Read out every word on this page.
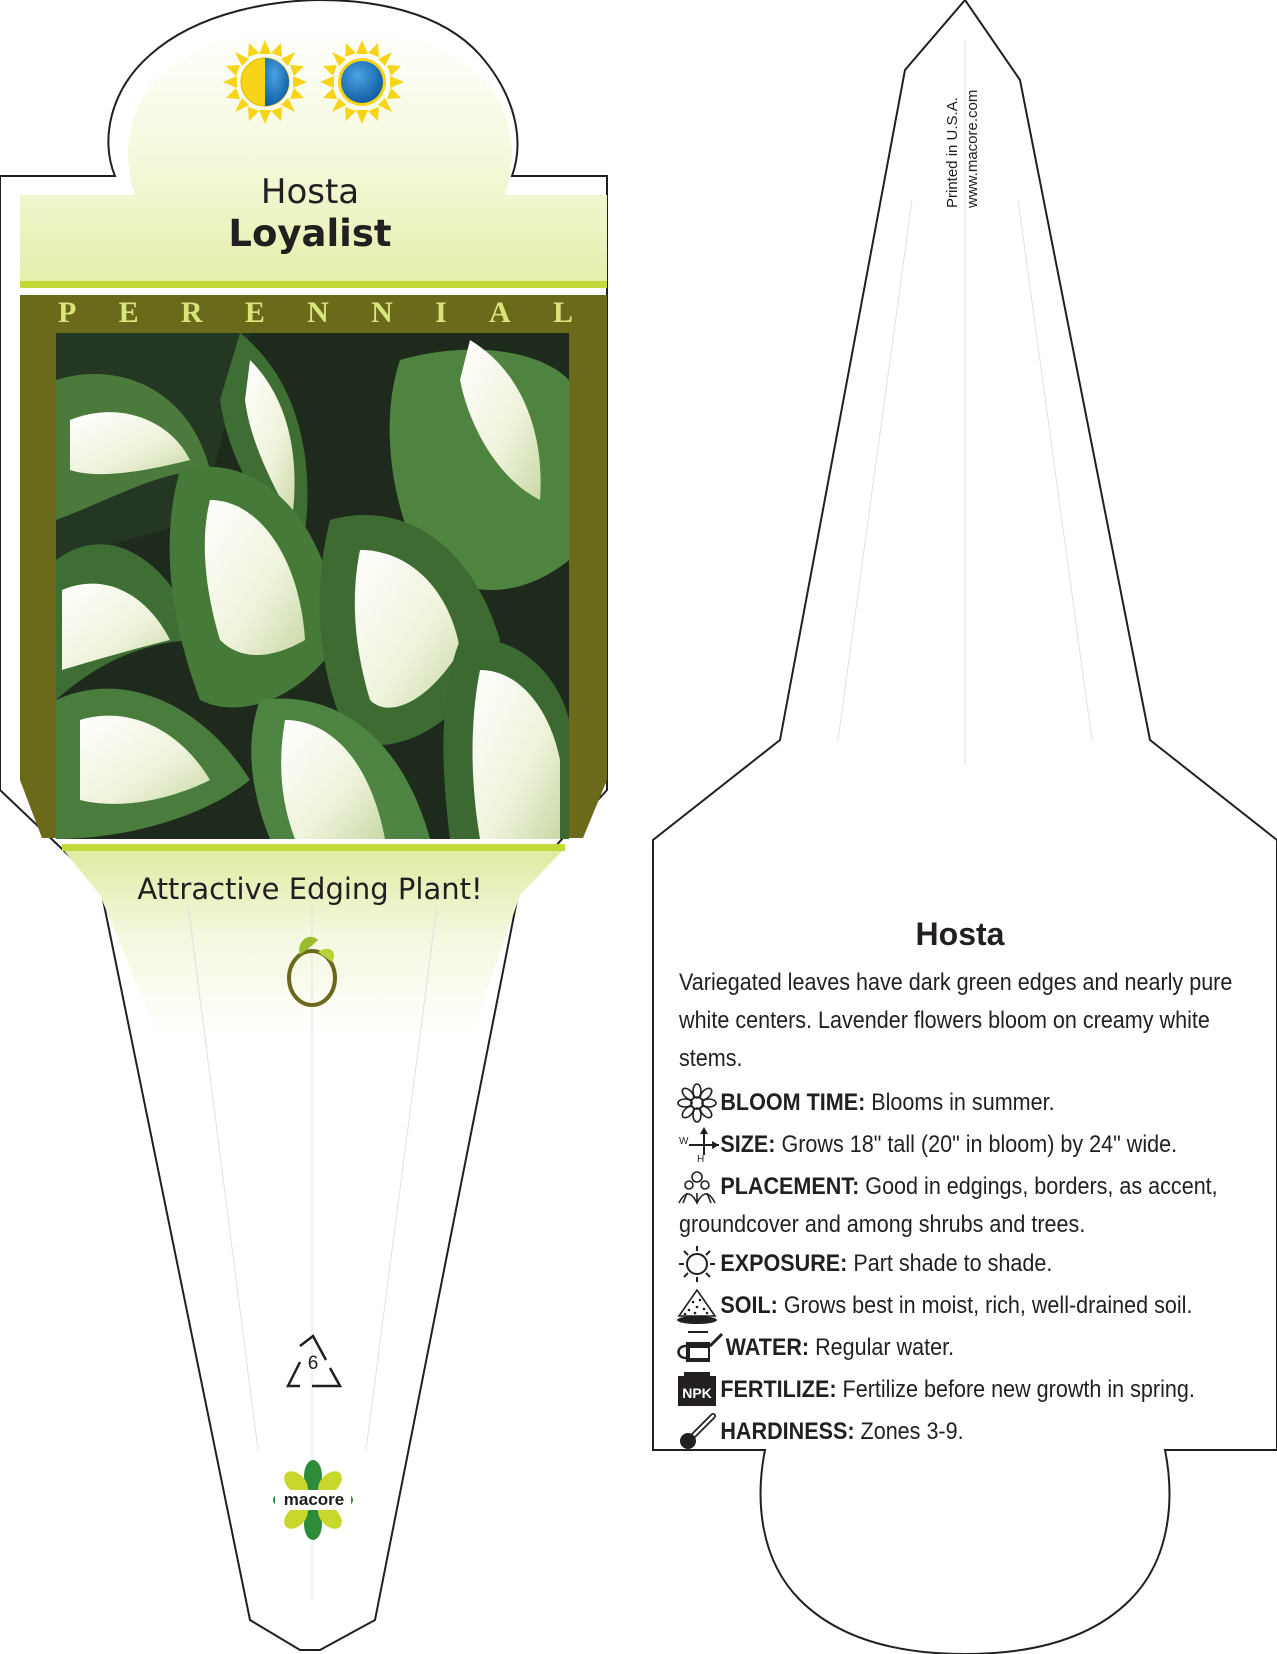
NPK
W
H
Hosta
Loyalist
P E R E N N I A L
Attractive Edging Plant!
6
macore
Printed in U.S.A. www.macore.com
Hosta
Variegated leaves have dark green edges and nearly pure white centers. Lavender flowers bloom on creamy white stems.

BLOOM TIME: Blooms in summer.

SIZE: Grows 18" tall (20" in bloom) by 24" wide.

PLACEMENT: Good in edgings, borders, as accent, groundcover and among shrubs and trees.

EXPOSURE: Part shade to shade.

SOIL: Grows best in moist, rich, well-drained soil.

WATER: Regular water.

FERTILIZE: Fertilize before new growth in spring.

HARDINESS: Zones 3-9.
